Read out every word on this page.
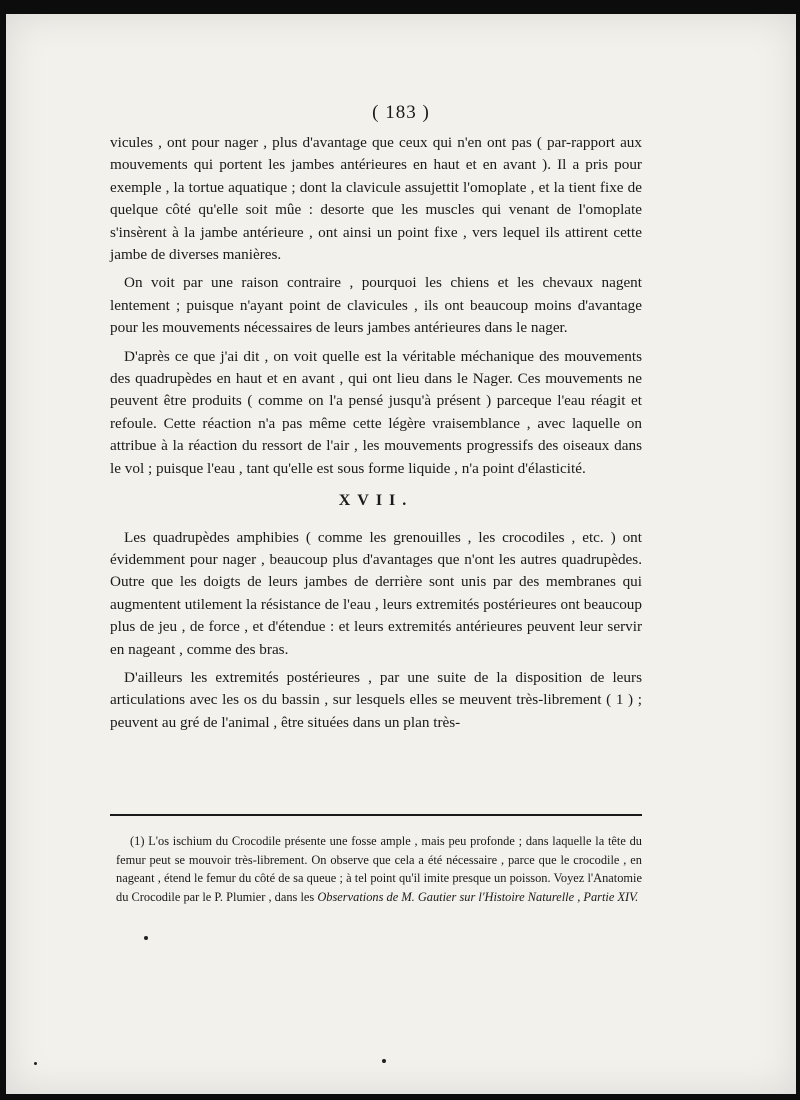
( 183 )

vicules , ont pour nager , plus d'avantage que ceux qui n'en ont pas ( par-rapport aux mouvements qui portent les jambes antérieures en haut et en avant ). Il a pris pour exemple , la tortue aquatique ; dont la clavicule assujettit l'omoplate , et la tient fixe de quelque côté qu'elle soit mûe : desorte que les muscles qui venant de l'omoplate s'insèrent à la jambe antérieure , ont ainsi un point fixe , vers lequel ils attirent cette jambe de diverses manières.

On voit par une raison contraire , pourquoi les chiens et les chevaux nagent lentement ; puisque n'ayant point de clavicules , ils ont beaucoup moins d'avantage pour les mouvements nécessaires de leurs jambes antérieures dans le nager.

D'après ce que j'ai dit , on voit quelle est la véritable méchanique des mouvements des quadrupèdes en haut et en avant , qui ont lieu dans le Nager. Ces mouvements ne peuvent être produits ( comme on l'a pensé jusqu'à présent ) parceque l'eau réagit et refoule. Cette réaction n'a pas même cette légère vraisemblance , avec laquelle on attribue à la réaction du ressort de l'air , les mouvements progressifs des oiseaux dans le vol ; puisque l'eau , tant qu'elle est sous forme liquide , n'a point d'élasticité.

XVII.

Les quadrupèdes amphibies ( comme les grenouilles , les crocodiles , etc. ) ont évidemment pour nager , beaucoup plus d'avantages que n'ont les autres quadrupèdes. Outre que les doigts de leurs jambes de derrière sont unis par des membranes qui augmentent utilement la résistance de l'eau , leurs extremités postérieures ont beaucoup plus de jeu , de force , et d'étendue : et leurs extremités antérieures peuvent leur servir en nageant , comme des bras.

D'ailleurs les extremités postérieures , par une suite de la disposition de leurs articulations avec les os du bassin , sur lesquels elles se meuvent très-librement ( 1 ) ; peuvent au gré de l'animal , être situées dans un plan très-

(1) L'os ischium du Crocodile présente une fosse ample , mais peu profonde ; dans laquelle la tête du femur peut se mouvoir très-librement. On observe que cela a été nécessaire , parce que le crocodile , en nageant , étend le femur du côté de sa queue ; à tel point qu'il imite presque un poisson. Voyez l'Anatomie du Crocodile par le P. Plumier , dans les Observations de M. Gautier sur l'Histoire Naturelle , Partie XIV.
